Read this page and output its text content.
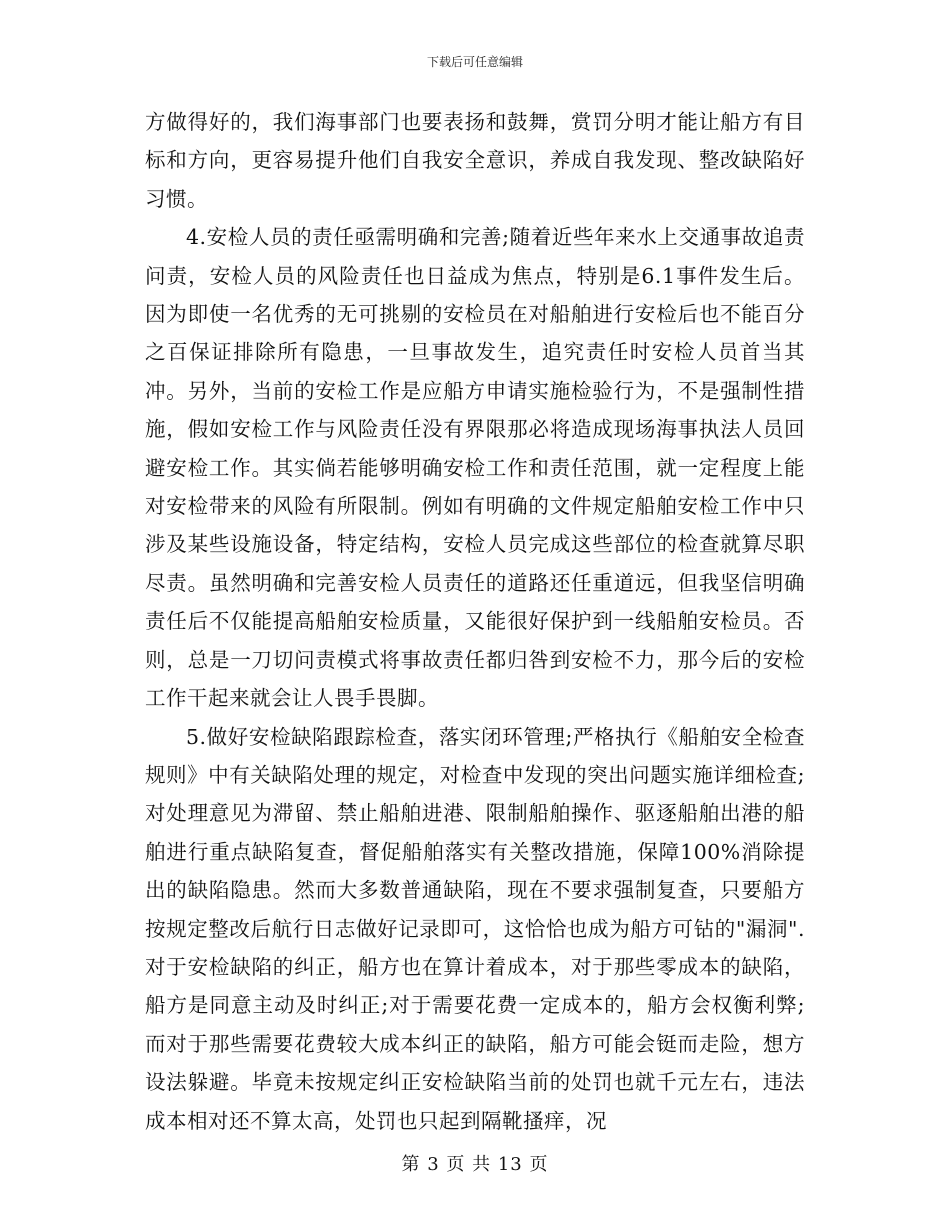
下载后可任意编辑

方做得好的，我们海事部门也要表扬和鼓舞，赏罚分明才能让船方有目标和方向，更容易提升他们自我安全意识，养成自我发现、整改缺陷好习惯。

4.安检人员的责任亟需明确和完善;随着近些年来水上交通事故追责问责，安检人员的风险责任也日益成为焦点，特别是6.1事件发生后。因为即使一名优秀的无可挑剔的安检员在对船舶进行安检后也不能百分之百保证排除所有隐患，一旦事故发生，追究责任时安检人员首当其冲。另外，当前的安检工作是应船方申请实施检验行为，不是强制性措施，假如安检工作与风险责任没有界限那必将造成现场海事执法人员回避安检工作。其实倘若能够明确安检工作和责任范围，就一定程度上能对安检带来的风险有所限制。例如有明确的文件规定船舶安检工作中只涉及某些设施设备，特定结构，安检人员完成这些部位的检查就算尽职尽责。虽然明确和完善安检人员责任的道路还任重道远，但我坚信明确责任后不仅能提高船舶安检质量，又能很好保护到一线船舶安检员。否则，总是一刀切问责模式将事故责任都归咎到安检不力，那今后的安检工作干起来就会让人畏手畏脚。

5.做好安检缺陷跟踪检查，落实闭环管理;严格执行《船舶安全检查规则》中有关缺陷处理的规定，对检查中发现的突出问题实施详细检查;对处理意见为滞留、禁止船舶进港、限制船舶操作、驱逐船舶出港的船舶进行重点缺陷复查，督促船舶落实有关整改措施，保障100%消除提出的缺陷隐患。然而大多数普通缺陷，现在不要求强制复查，只要船方按规定整改后航行日志做好记录即可，这恰恰也成为船方可钻的"漏洞".对于安检缺陷的纠正，船方也在算计着成本，对于那些零成本的缺陷，船方是同意主动及时纠正;对于需要花费一定成本的，船方会权衡利弊;而对于那些需要花费较大成本纠正的缺陷，船方可能会铤而走险，想方设法躲避。毕竟未按规定纠正安检缺陷当前的处罚也就千元左右，违法成本相对还不算太高，处罚也只起到隔靴搔痒，况

第 3 页 共 13 页
